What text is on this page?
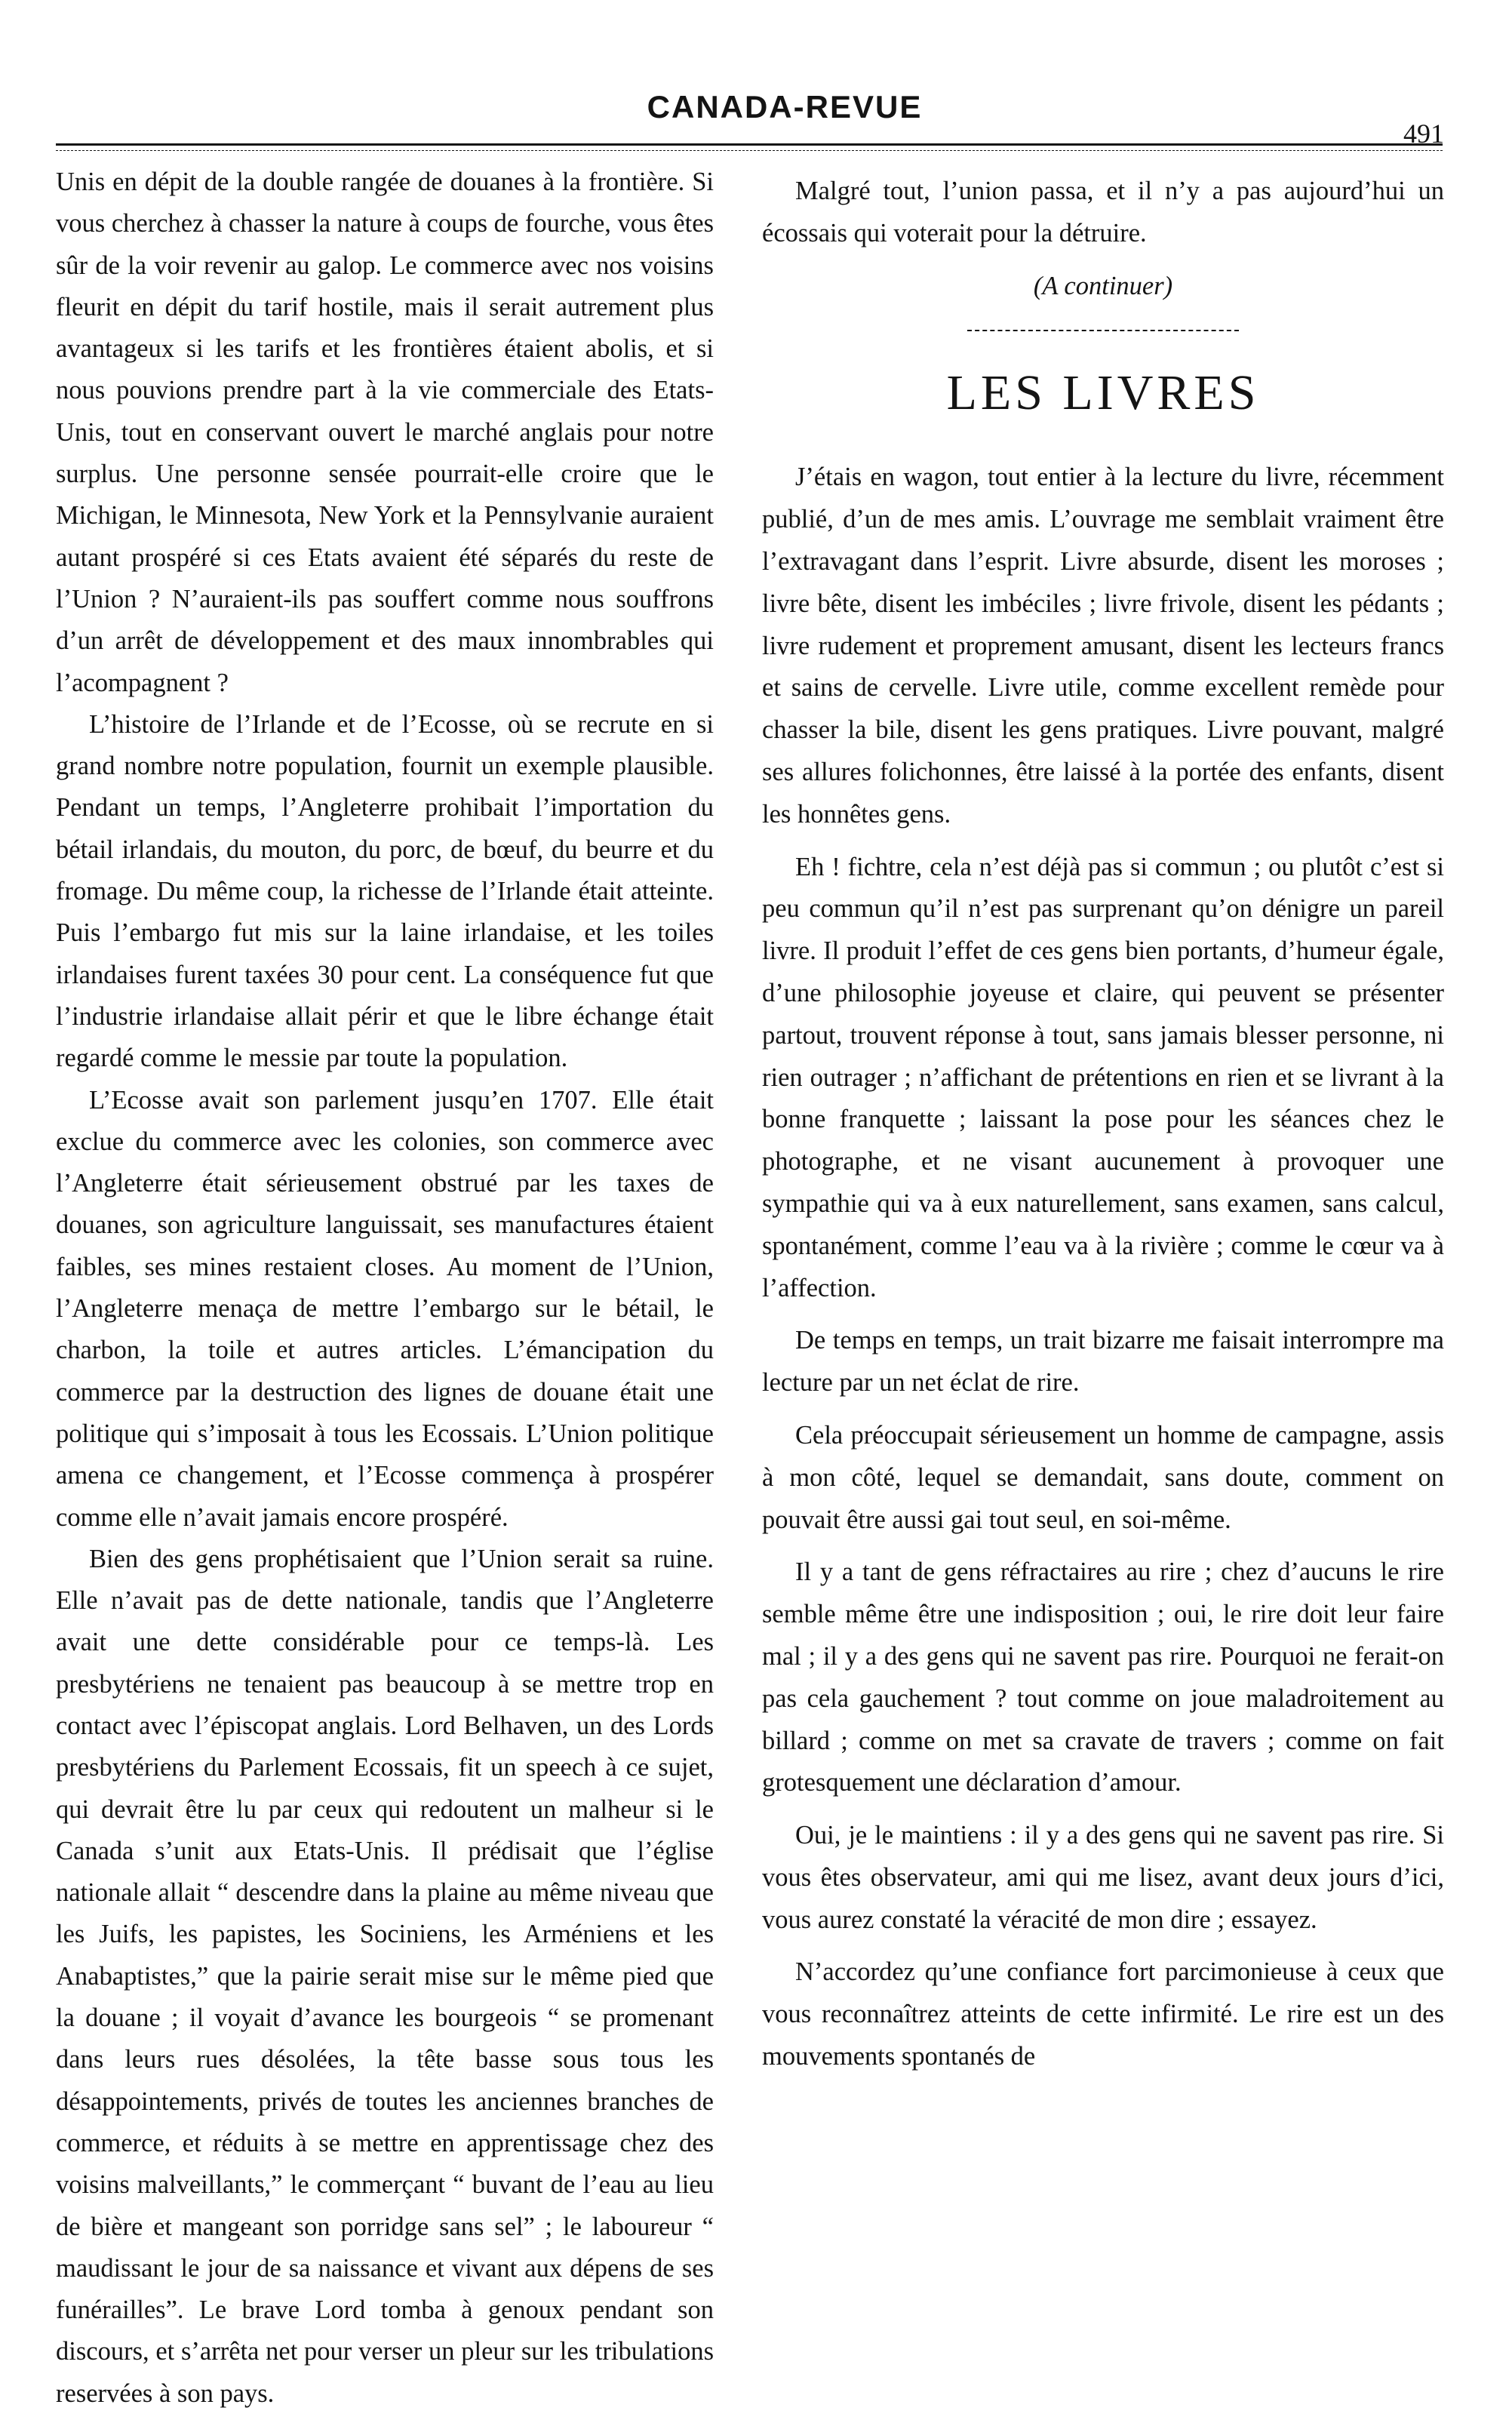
CANADA-REVUE
491

Unis en dépit de la double rangée de douanes à la frontière. Si vous cherchez à chasser la nature à coups de fourche, vous êtes sûr de la voir revenir au galop. Le commerce avec nos voisins fleurit en dépit du tarif hostile, mais il serait autrement plus avantageux si les tarifs et les frontières étaient abolis, et si nous pouvions prendre part à la vie commerciale des Etats-Unis, tout en conservant ouvert le marché anglais pour notre surplus. Une personne sensée pourrait-elle croire que le Michigan, le Minnesota, New York et la Pennsylvanie auraient autant prospéré si ces Etats avaient été séparés du reste de l’Union ? N’auraient-ils pas souffert comme nous souffrons d’un arrêt de développement et des maux innombrables qui l’acompagnent ?

L’histoire de l’Irlande et de l’Ecosse, où se recrute en si grand nombre notre population, fournit un exemple plausible. Pendant un temps, l’Angleterre prohibait l’importation du bétail irlandais, du mouton, du porc, de bœuf, du beurre et du fromage. Du même coup, la richesse de l’Irlande était atteinte. Puis l’embargo fut mis sur la laine irlandaise, et les toiles irlandaises furent taxées 30 pour cent. La conséquence fut que l’industrie irlandaise allait périr et que le libre échange était regardé comme le messie par toute la population.

L’Ecosse avait son parlement jusqu’en 1707. Elle était exclue du commerce avec les colonies, son commerce avec l’Angleterre était sérieusement obstrué par les taxes de douanes, son agriculture languissait, ses manufactures étaient faibles, ses mines restaient closes. Au moment de l’Union, l’Angleterre menaça de mettre l’embargo sur le bétail, le charbon, la toile et autres articles. L’émancipation du commerce par la destruction des lignes de douane était une politique qui s’imposait à tous les Ecossais. L’Union politique amena ce changement, et l’Ecosse commença à prospérer comme elle n’avait jamais encore prospéré.

Bien des gens prophétisaient que l’Union serait sa ruine. Elle n’avait pas de dette nationale, tandis que l’Angleterre avait une dette considérable pour ce temps-là. Les presbytériens ne tenaient pas beaucoup à se mettre trop en contact avec l’épiscopat anglais. Lord Belhaven, un des Lords presbytériens du Parlement Ecossais, fit un speech à ce sujet, qui devrait être lu par ceux qui redoutent un malheur si le Canada s’unit aux Etats-Unis. Il prédisait que l’église nationale allait “ descendre dans la plaine au même niveau que les Juifs, les papistes, les Sociniens, les Arméniens et les Anabaptistes,” que la pairie serait mise sur le même pied que la douane ; il voyait d’avance les bourgeois “ se promenant dans leurs rues désolées, la tête basse sous tous les désappointements, privés de toutes les anciennes branches de commerce, et réduits à se mettre en apprentissage chez des voisins malveillants,” le commerçant “ buvant de l’eau au lieu de bière et mangeant son porridge sans sel” ; le laboureur “ maudissant le jour de sa naissance et vivant aux dépens de ses funérailles”. Le brave Lord tomba à genoux pendant son discours, et s’arrêta net pour verser un pleur sur les tribulations reservées à son pays.

Malgré tout, l’union passa, et il n’y a pas aujourd’hui un écossais qui voterait pour la détruire.

(A continuer)
LES LIVRES

J’étais en wagon, tout entier à la lecture du livre, récemment publié, d’un de mes amis. L’ouvrage me semblait vraiment être l’extravagant dans l’esprit. Livre absurde, disent les moroses ; livre bête, disent les imbéciles ; livre frivole, disent les pédants ; livre rudement et proprement amusant, disent les lecteurs francs et sains de cervelle. Livre utile, comme excellent remède pour chasser la bile, disent les gens pratiques. Livre pouvant, malgré ses allures folichonnes, être laissé à la portée des enfants, disent les honnêtes gens.

Eh ! fichtre, cela n’est déjà pas si commun ; ou plutôt c’est si peu commun qu’il n’est pas surprenant qu’on dénigre un pareil livre. Il produit l’effet de ces gens bien portants, d’humeur égale, d’une philosophie joyeuse et claire, qui peuvent se présenter partout, trouvent réponse à tout, sans jamais blesser personne, ni rien outrager ; n’affichant de prétentions en rien et se livrant à la bonne franquette ; laissant la pose pour les séances chez le photographe, et ne visant aucunement à provoquer une sympathie qui va à eux naturellement, sans examen, sans calcul, spontanément, comme l’eau va à la rivière ; comme le cœur va à l’affection.

De temps en temps, un trait bizarre me faisait interrompre ma lecture par un net éclat de rire.

Cela préoccupait sérieusement un homme de campagne, assis à mon côté, lequel se demandait, sans doute, comment on pouvait être aussi gai tout seul, en soi-même.

Il y a tant de gens réfractaires au rire ; chez d’aucuns le rire semble même être une indisposition ; oui, le rire doit leur faire mal ; il y a des gens qui ne savent pas rire. Pourquoi ne ferait-on pas cela gauchement ? tout comme on joue maladroitement au billard ; comme on met sa cravate de travers ; comme on fait grotesquement une déclaration d’amour.

Oui, je le maintiens : il y a des gens qui ne savent pas rire. Si vous êtes observateur, ami qui me lisez, avant deux jours d’ici, vous aurez constaté la véracité de mon dire ; essayez.

N’accordez qu’une confiance fort parcimonieuse à ceux que vous reconnaîtrez atteints de cette infirmité. Le rire est un des mouvements spontanés de
